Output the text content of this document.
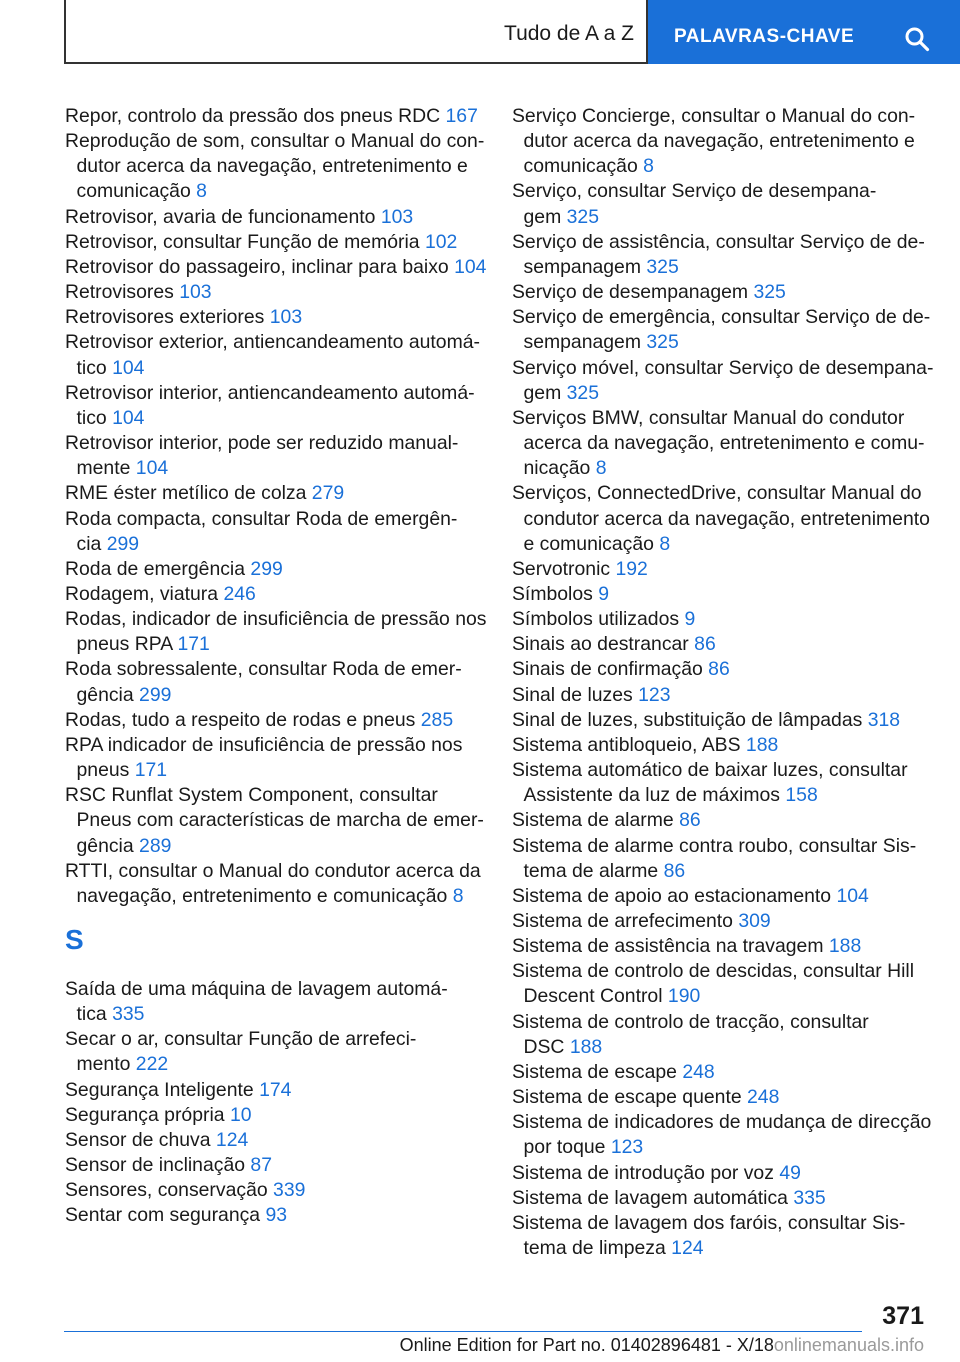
Tudo de A a Z PALAVRAS-CHAVE
Repor, controlo da pressão dos pneus RDC 167
Reprodução de som, consultar o Manual do con-
dutor acerca da navegação, entretenimento e
comunicação 8
Retrovisor, avaria de funcionamento 103
Retrovisor, consultar Função de memória 102
Retrovisor do passageiro, inclinar para baixo 104
Retrovisores 103
Retrovisores exteriores 103
Retrovisor exterior, antiencandeamento automá-
tico 104
Retrovisor interior, antiencandeamento automá-
tico 104
Retrovisor interior, pode ser reduzido manual-
mente 104
RME éster metílico de colza 279
Roda compacta, consultar Roda de emergên-
cia 299
Roda de emergência 299
Rodagem, viatura 246
Rodas, indicador de insuficiência de pressão nos
pneus RPA 171
Roda sobressalente, consultar Roda de emer-
gência 299
Rodas, tudo a respeito de rodas e pneus 285
RPA indicador de insuficiência de pressão nos
pneus 171
RSC Runflat System Component, consultar
Pneus com características de marcha de emer-
gência 289
RTTI, consultar o Manual do condutor acerca da
navegação, entretenimento e comunicação 8
S
Saída de uma máquina de lavagem automá-
tica 335
Secar o ar, consultar Função de arrefeci-
mento 222
Segurança Inteligente 174
Segurança própria 10
Sensor de chuva 124
Sensor de inclinação 87
Sensores, conservação 339
Sentar com segurança 93
Serviço Concierge, consultar o Manual do con-
dutor acerca da navegação, entretenimento e
comunicação 8
Serviço, consultar Serviço de desempana-
gem 325
Serviço de assistência, consultar Serviço de de-
sempanagem 325
Serviço de desempanagem 325
Serviço de emergência, consultar Serviço de de-
sempanagem 325
Serviço móvel, consultar Serviço de desempana-
gem 325
Serviços BMW, consultar Manual do condutor
acerca da navegação, entretenimento e comu-
nicação 8
Serviços, ConnectedDrive, consultar Manual do
condutor acerca da navegação, entretenimento
e comunicação 8
Servotronic 192
Símbolos 9
Símbolos utilizados 9
Sinais ao destrancar 86
Sinais de confirmação 86
Sinal de luzes 123
Sinal de luzes, substituição de lâmpadas 318
Sistema antibloqueio, ABS 188
Sistema automático de baixar luzes, consultar
Assistente da luz de máximos 158
Sistema de alarme 86
Sistema de alarme contra roubo, consultar Sis-
tema de alarme 86
Sistema de apoio ao estacionamento 104
Sistema de arrefecimento 309
Sistema de assistência na travagem 188
Sistema de controlo de descidas, consultar Hill
Descent Control 190
Sistema de controlo de tracção, consultar
DSC 188
Sistema de escape 248
Sistema de escape quente 248
Sistema de indicadores de mudança de direcção
por toque 123
Sistema de introdução por voz 49
Sistema de lavagem automática 335
Sistema de lavagem dos faróis, consultar Sis-
tema de limpeza 124
371
Online Edition for Part no. 01402896481 - X/18onlinemanuals.info
